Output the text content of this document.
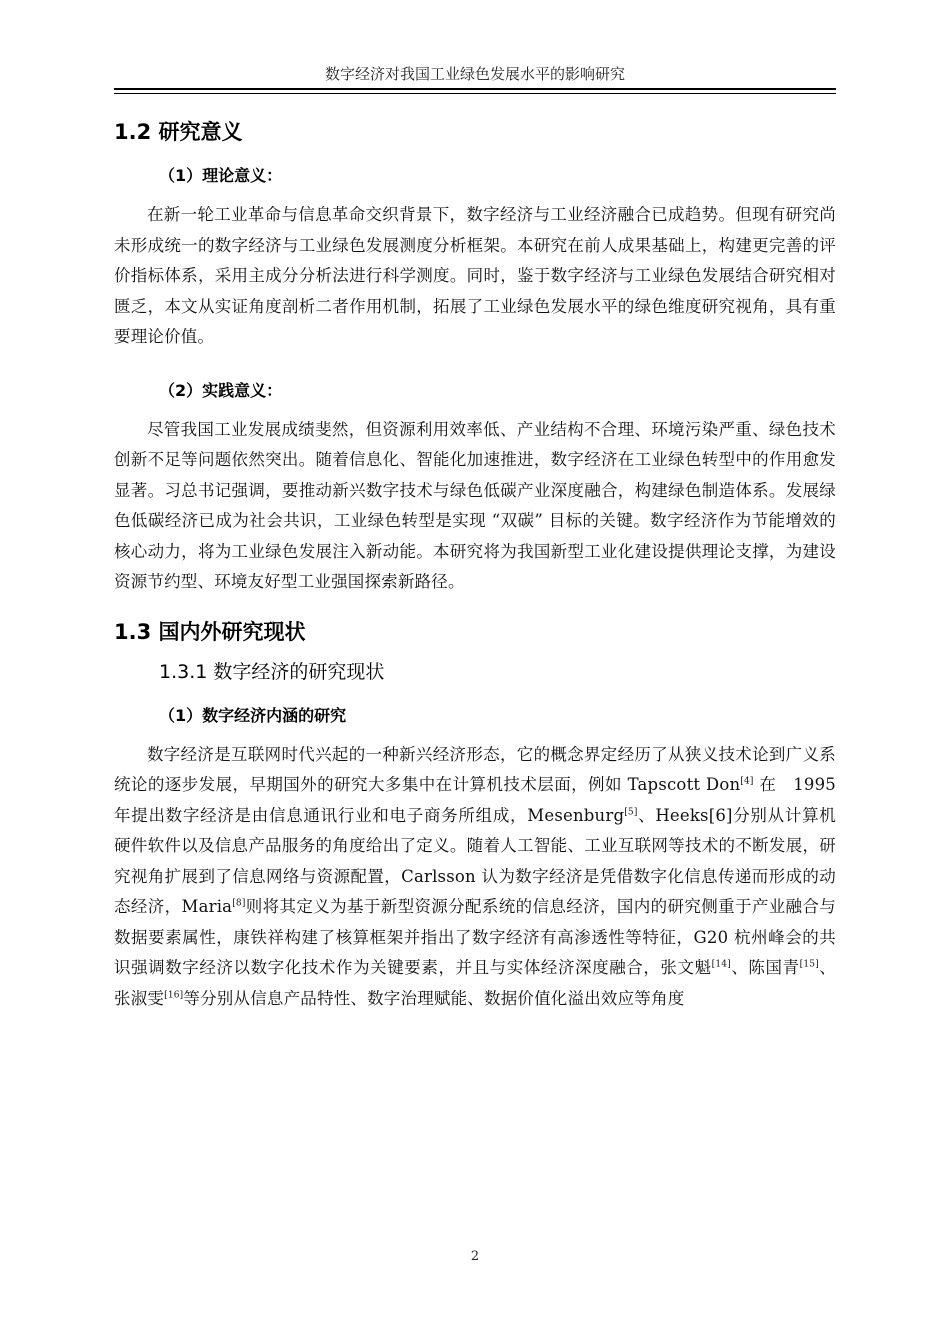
数字经济对我国工业绿色发展水平的影响研究
1.2 研究意义
（1）理论意义：

在新一轮工业革命与信息革命交织背景下，数字经济与工业经济融合已成趋势。但现有研究尚未形成统一的数字经济与工业绿色发展测度分析框架。本研究在前人成果基础上，构建更完善的评价指标体系，采用主成分分析法进行科学测度。同时，鉴于数字经济与工业绿色发展结合研究相对匮乏，本文从实证角度剖析二者作用机制，拓展了工业绿色发展水平的绿色维度研究视角，具有重要理论价值。

（2）实践意义：

尽管我国工业发展成绩斐然，但资源利用效率低、产业结构不合理、环境污染严重、绿色技术创新不足等问题依然突出。随着信息化、智能化加速推进，数字经济在工业绿色转型中的作用愈发显著。习总书记强调，要推动新兴数字技术与绿色低碳产业深度融合，构建绿色制造体系。发展绿色低碳经济已成为社会共识，工业绿色转型是实现 “双碳” 目标的关键。数字经济作为节能增效的核心动力，将为工业绿色发展注入新动能。本研究将为我国新型工业化建设提供理论支撑，为建设资源节约型、环境友好型工业强国探索新路径。

1.3 国内外研究现状
1.3.1 数字经济的研究现状
（1）数字经济内涵的研究

数字经济是互联网时代兴起的一种新兴经济形态，它的概念界定经历了从狭义技术论到广义系统论的逐步发展，早期国外的研究大多集中在计算机技术层面，例如 Tapscott Don[4] 在　1995　年提出数字经济是由信息通讯行业和电子商务所组成，Mesenburg[5]、Heeks[6]分别从计算机硬件软件以及信息产品服务的角度给出了定义。随着人工智能、工业互联网等技术的不断发展，研究视角扩展到了信息网络与资源配置，Carlsson 认为数字经济是凭借数字化信息传递而形成的动态经济，Maria[8]则将其定义为基于新型资源分配系统的信息经济，国内的研究侧重于产业融合与数据要素属性，康铁祥构建了核算框架并指出了数字经济有高渗透性等特征，G20 杭州峰会的共识强调数字经济以数字化技术作为关键要素，并且与实体经济深度融合，张文魁[14]、陈国青[15]、张淑雯[16]等分别从信息产品特性、数字治理赋能、数据价值化溢出效应等角度

2
